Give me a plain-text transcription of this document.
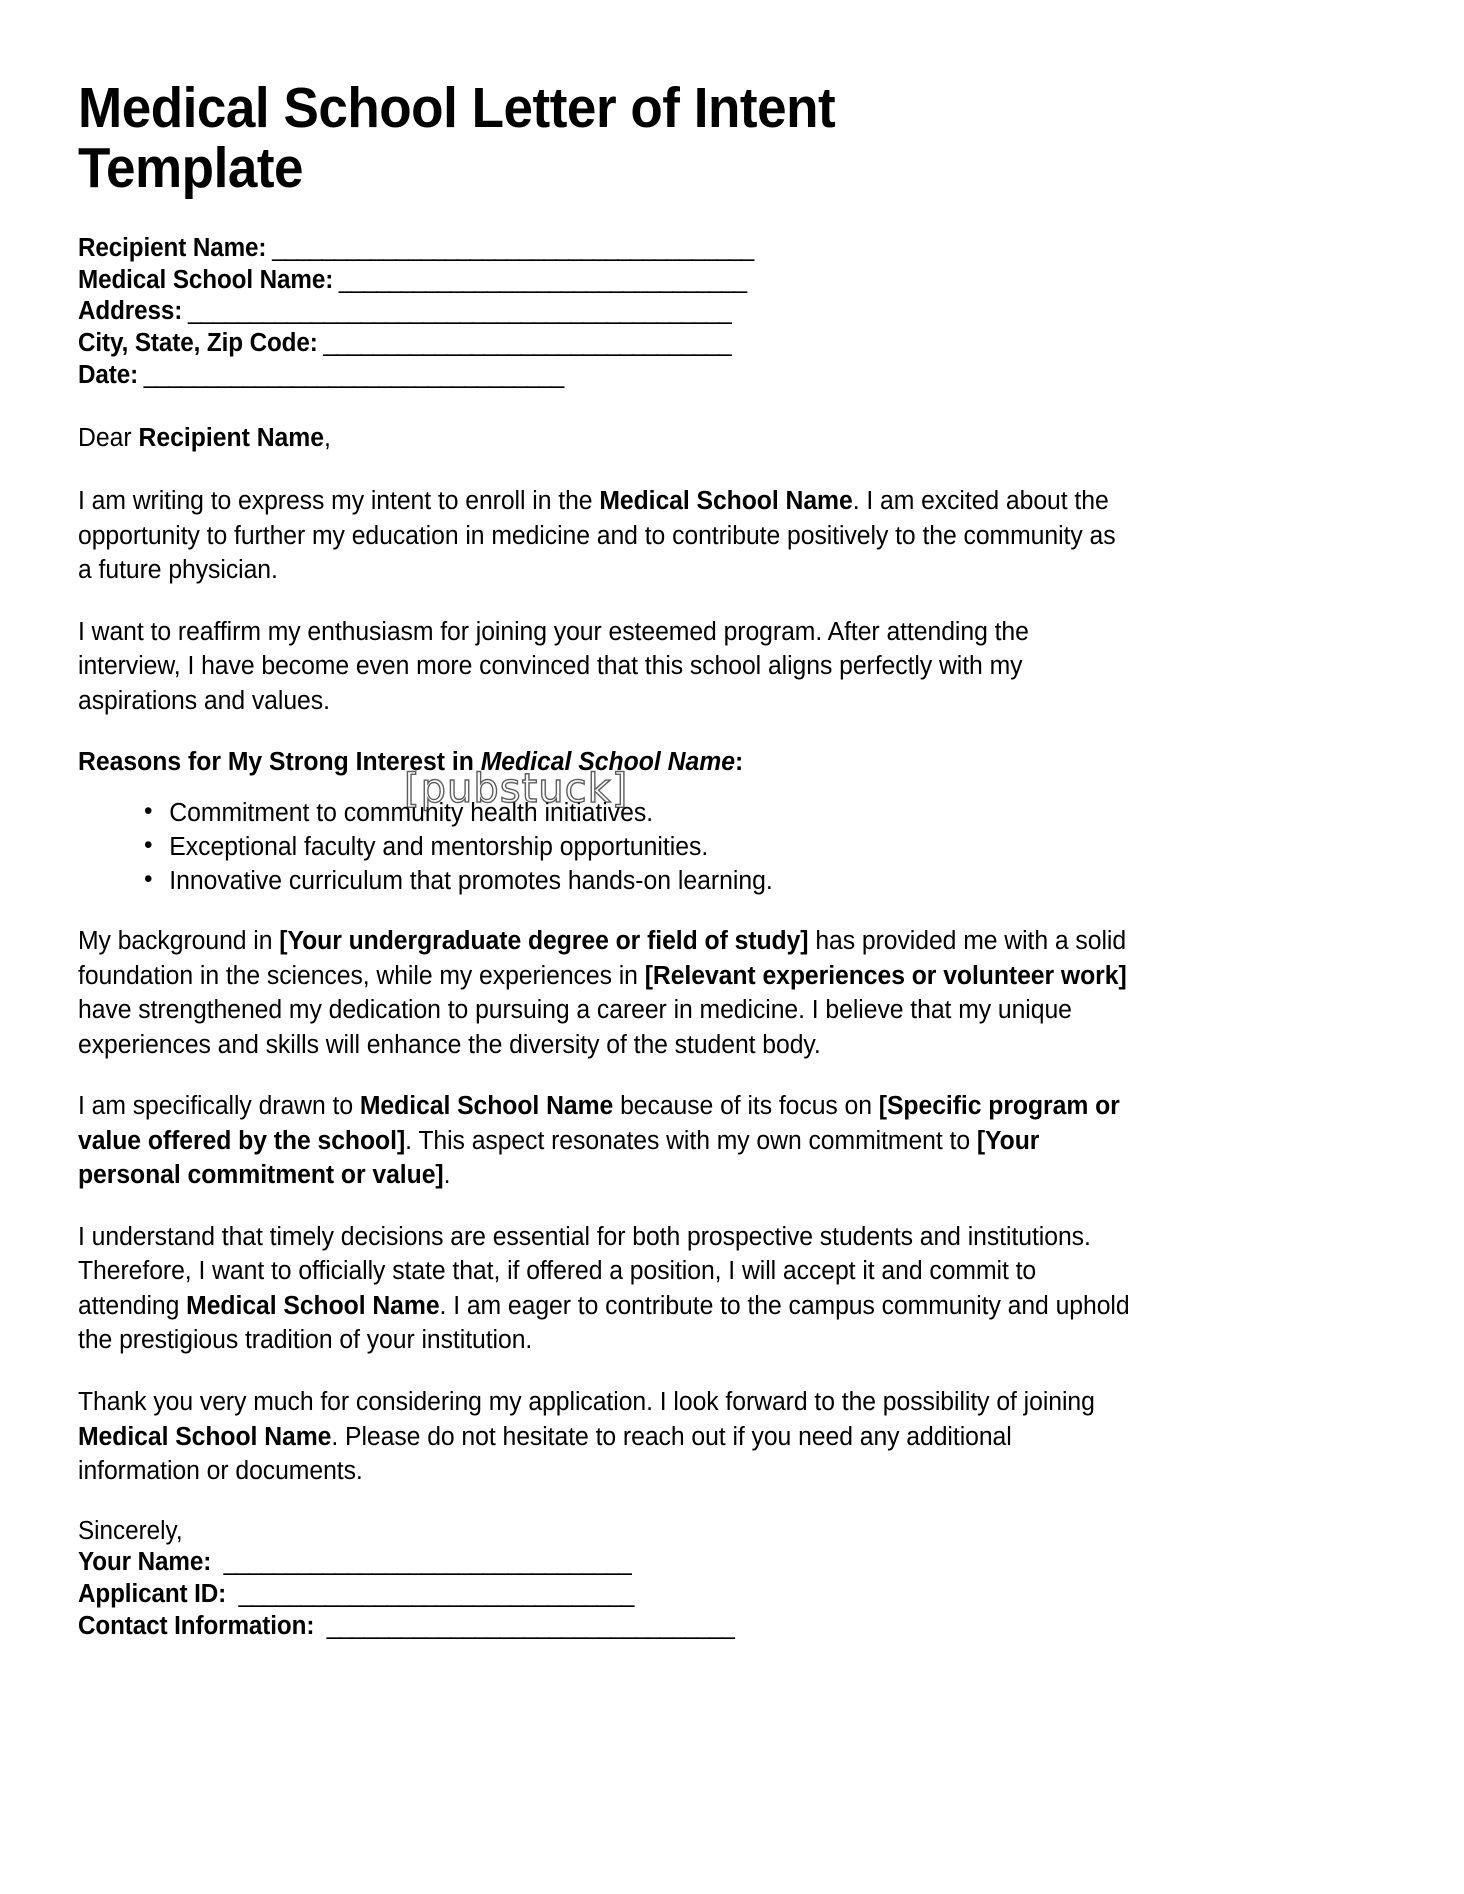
Medical School Letter of Intent Template
Recipient Name: _______________________________________
Medical School Name: _________________________________
Address: ____________________________________________
City, State, Zip Code: _________________________________
Date: __________________________________

Dear Recipient Name,

I am writing to express my intent to enroll in the Medical School Name. I am excited about the opportunity to further my education in medicine and to contribute positively to the community as a future physician.

I want to reaffirm my enthusiasm for joining your esteemed program. After attending the interview, I have become even more convinced that this school aligns perfectly with my aspirations and values.

Reasons for My Strong Interest in Medical School Name:

• Commitment to community health initiatives.
• Exceptional faculty and mentorship opportunities.
• Innovative curriculum that promotes hands-on learning.

My background in [Your undergraduate degree or field of study] has provided me with a solid foundation in the sciences, while my experiences in [Relevant experiences or volunteer work] have strengthened my dedication to pursuing a career in medicine. I believe that my unique experiences and skills will enhance the diversity of the student body.

I am specifically drawn to Medical School Name because of its focus on [Specific program or value offered by the school]. This aspect resonates with my own commitment to [Your personal commitment or value].

I understand that timely decisions are essential for both prospective students and institutions. Therefore, I want to officially state that, if offered a position, I will accept it and commit to attending Medical School Name. I am eager to contribute to the campus community and uphold the prestigious tradition of your institution.

Thank you very much for considering my application. I look forward to the possibility of joining Medical School Name. Please do not hesitate to reach out if you need any additional information or documents.

Sincerely,
Your Name: _________________________________
Applicant ID: ________________________________
Contact Information: _________________________________
[pubstuck]
